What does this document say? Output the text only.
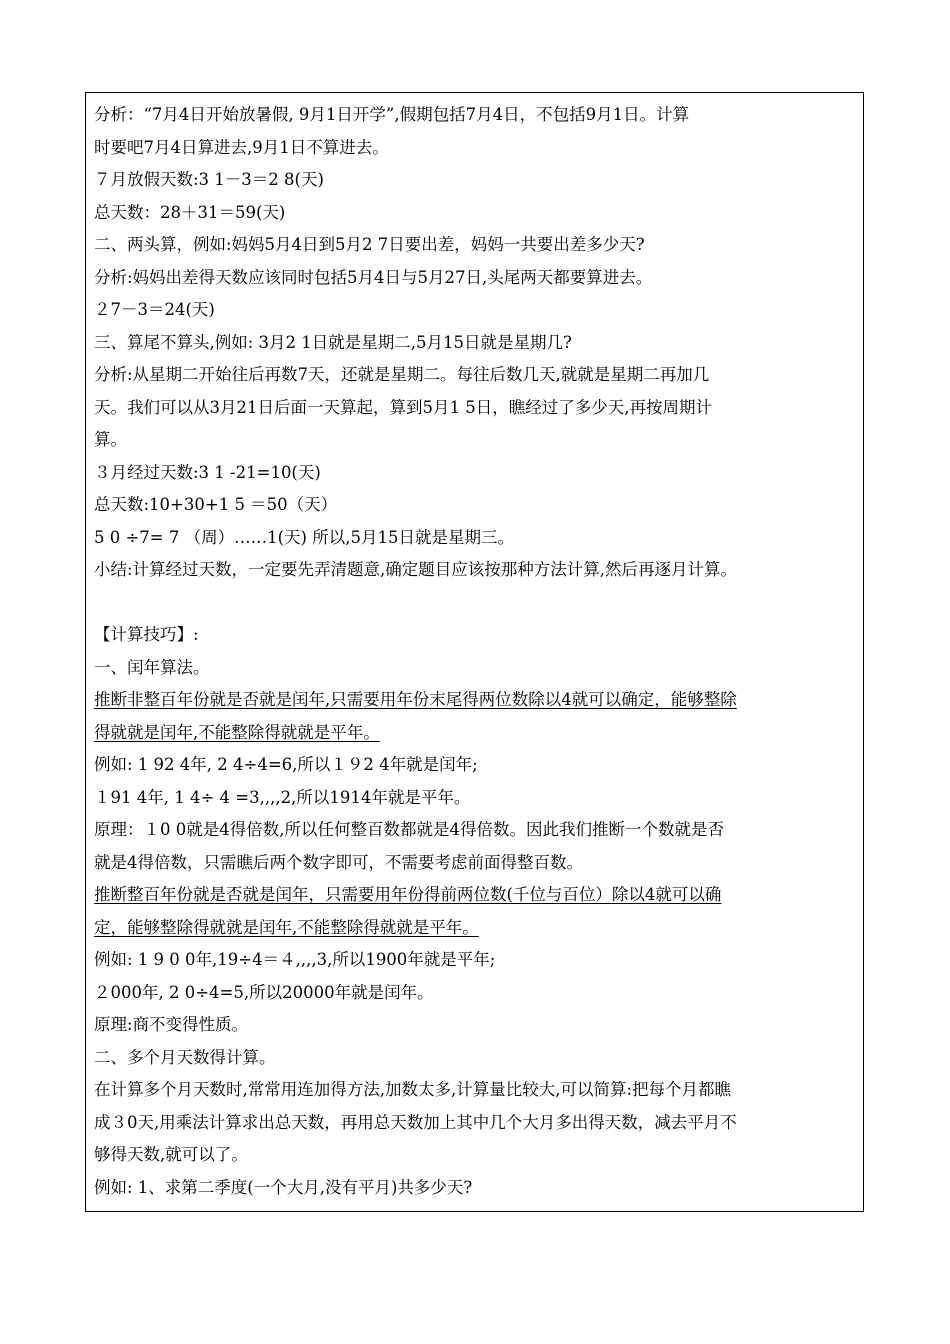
分析：“7月4日开始放暑假, 9月1日开学”,假期包括7月4日，不包括9月1日。计算
时要吧7月4日算进去,9月1日不算进去。
７月放假天数:3 1－3＝2 8(天)
总天数：28＋31＝59(天)
二、两头算，例如:妈妈5月4日到5月2 7日要出差，妈妈一共要出差多少天?
分析:妈妈出差得天数应该同时包括5月4日与5月27日,头尾两天都要算进去。
２7－3＝24(天)
三、算尾不算头,例如: 3月2 1日就是星期二,5月15日就是星期几?
分析:从星期二开始往后再数7天，还就是星期二。每往后数几天,就就是星期二再加几
天。我们可以从3月21日后面一天算起，算到5月1 5日，瞧经过了多少天,再按周期计
算。
３月经过天数:3 1 -21=10(天)
总天数:10+30+1 5 ＝50（天）
5 0 ÷7= 7 （周）……1(天) 所以,5月15日就是星期三。
小结:计算经过天数，一定要先弄清题意,确定题目应该按那种方法计算,然后再逐月计算。
【计算技巧】:
一、闰年算法。
推断非整百年份就是否就是闰年,只需要用年份末尾得两位数除以4就可以确定，能够整除
得就就是闰年,不能整除得就就是平年。
例如: 1 92 4年, 2 4÷4=6,所以１９2 4年就是闰年;
１91 4年, 1 4÷ 4 =3,,,,2,所以1914年就是平年。
原理：１0 0就是4得倍数,所以任何整百数都就是4得倍数。因此我们推断一个数就是否
就是4得倍数，只需瞧后两个数字即可，不需要考虑前面得整百数。
推断整百年份就是否就是闰年，只需要用年份得前两位数(千位与百位）除以4就可以确
定，能够整除得就就是闰年,不能整除得就就是平年。
例如: 1 9 0 0年,19÷4＝４,,,,3,所以1900年就是平年;
２000年, 2 0÷4=5,所以20000年就是闰年。
原理:商不变得性质。
二、多个月天数得计算。
在计算多个月天数时,常常用连加得方法,加数太多,计算量比较大,可以简算:把每个月都瞧
成３0天,用乘法计算求出总天数，再用总天数加上其中几个大月多出得天数，减去平月不
够得天数,就可以了。
例如: 1、求第二季度(一个大月,没有平月)共多少天?
